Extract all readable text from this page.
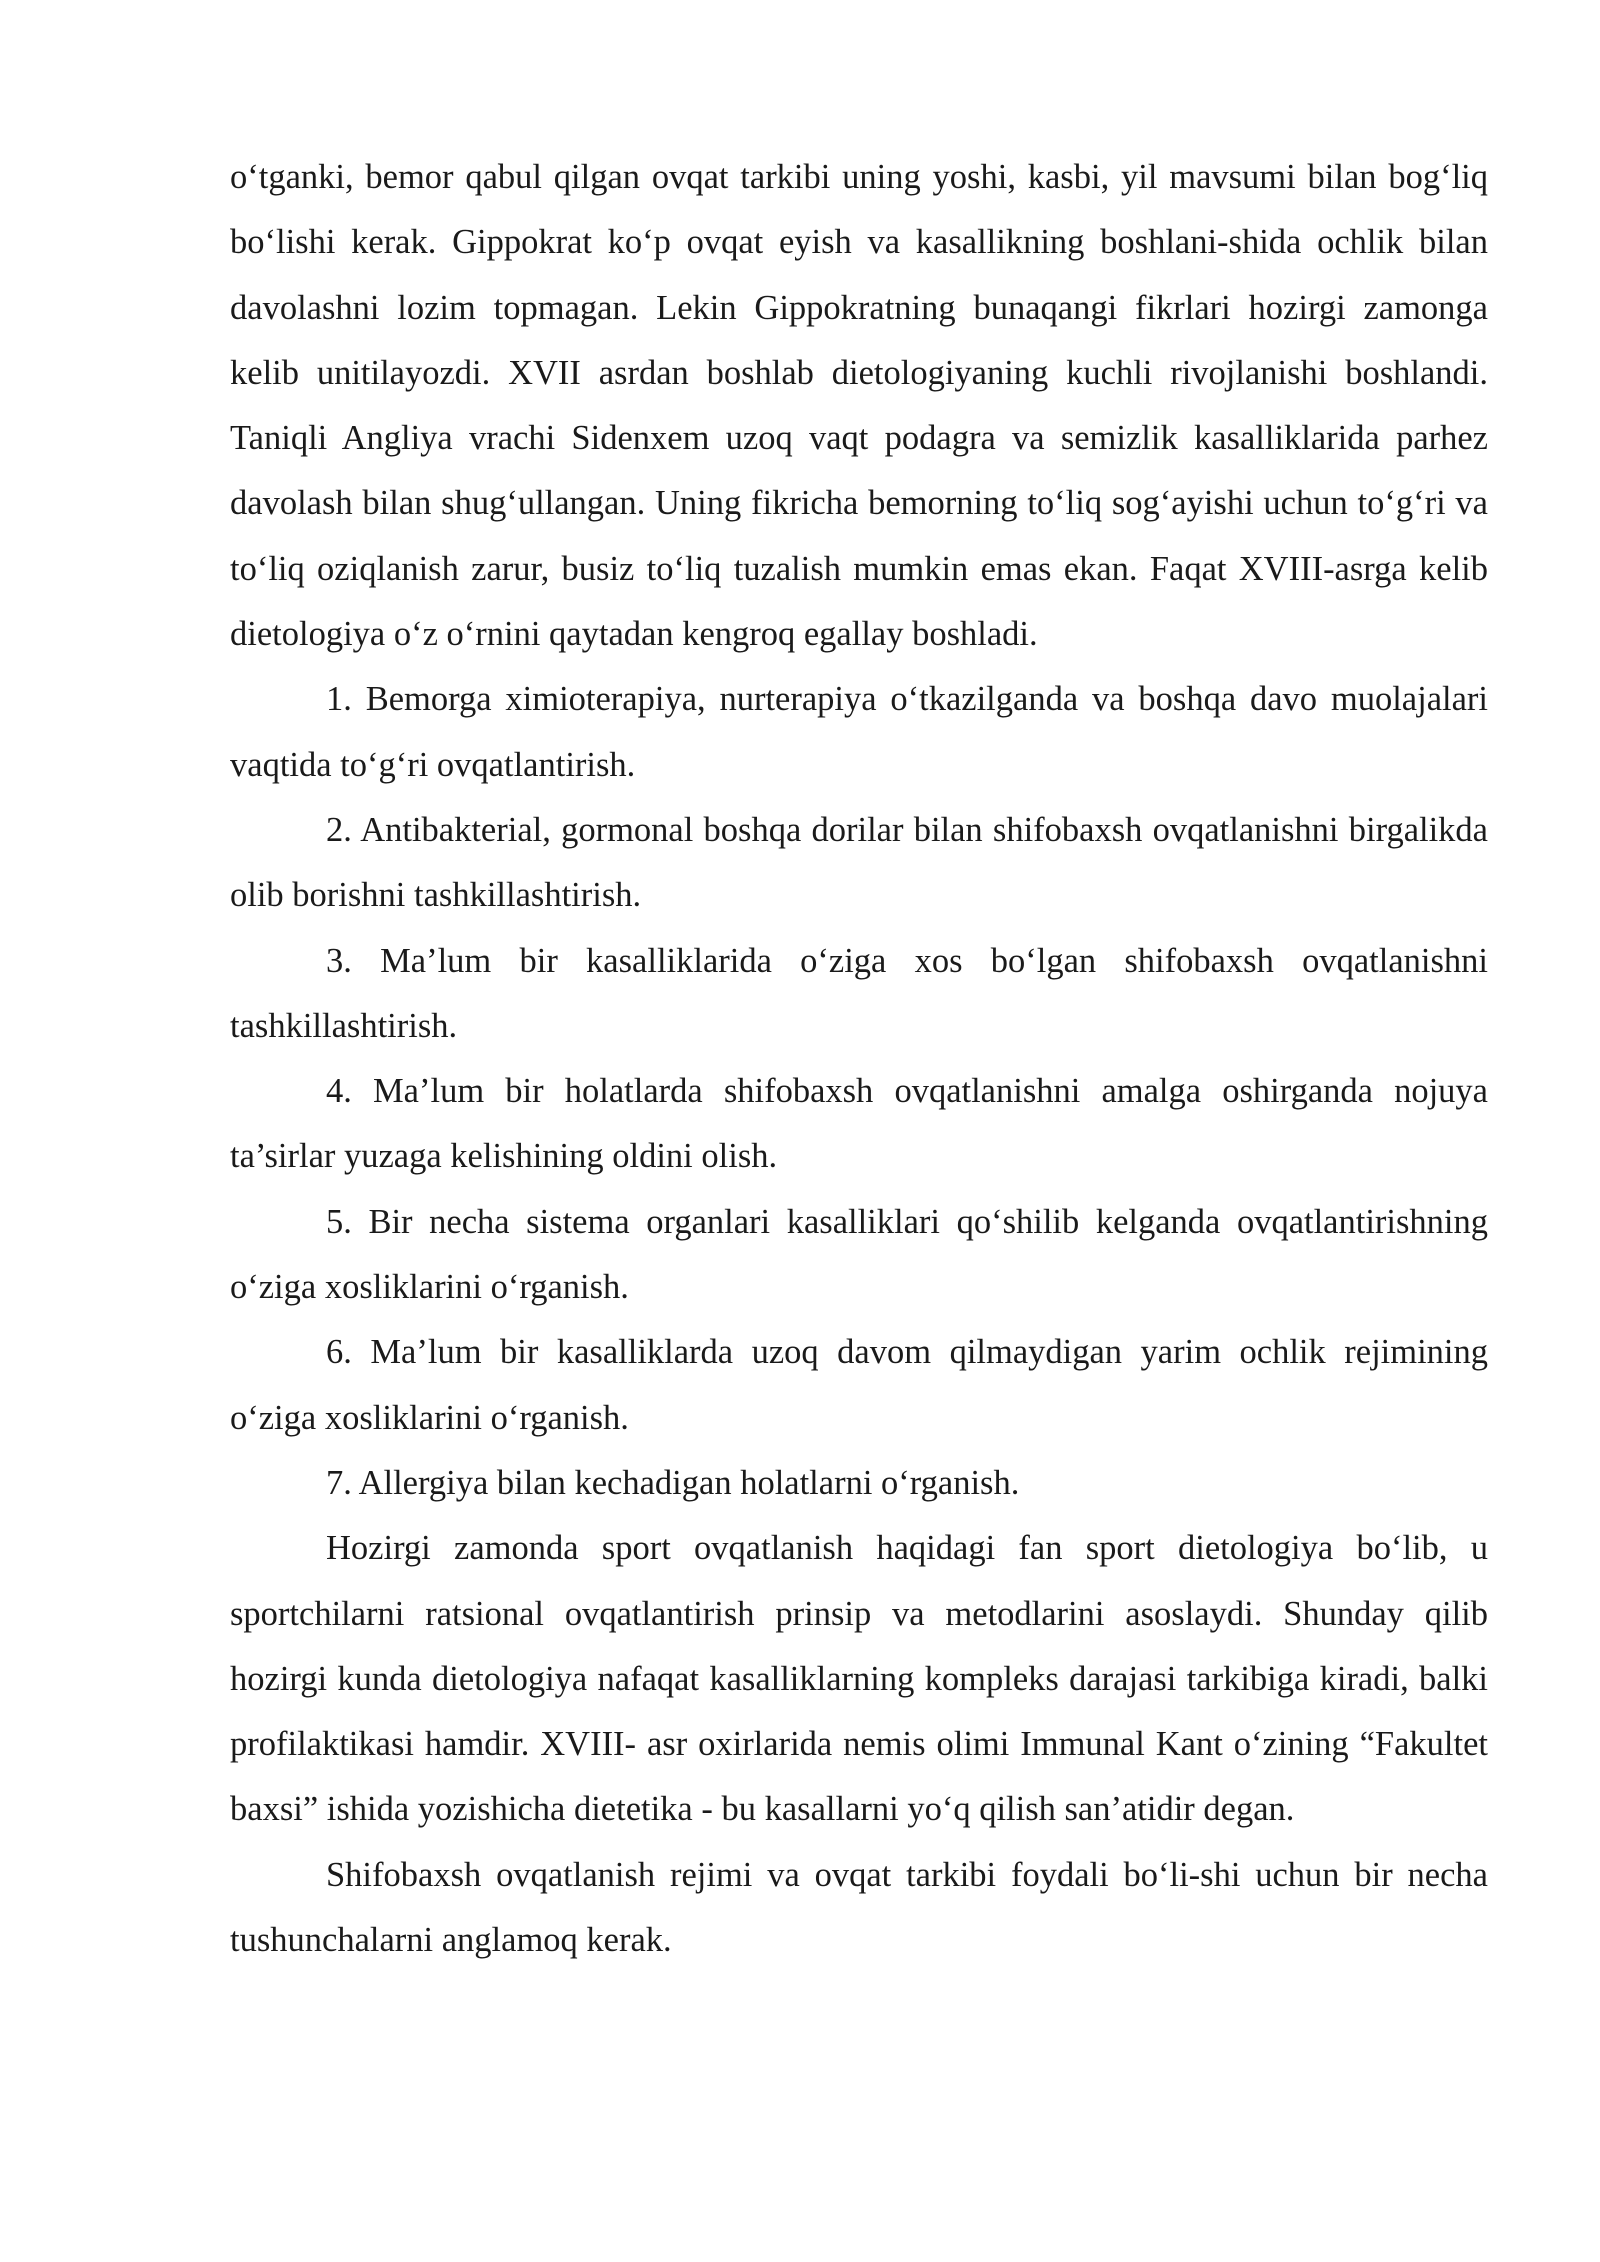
o‘tganki, bemor qabul qilgan ovqat tarkibi uning yoshi, kasbi, yil mavsumi bilan bog‘liq bo‘lishi kerak. Gippokrat ko‘p ovqat eyish va kasallikning boshlani-shida ochlik bilan davolashni lozim topmagan. Lekin Gippokratning bunaqangi fikrlari hozirgi zamonga kelib unitilayozdi. XVII asrdan boshlab dietologiyaning kuchli rivojlanishi boshlandi. Taniqli Angliya vrachi Sidenxem uzoq vaqt podagra va semizlik kasalliklarida parhez davolash bilan shug‘ullangan. Uning fikricha bemorning to‘liq sog‘ayishi uchun to‘g‘ri va to‘liq oziqlanish zarur, busiz to‘liq tuzalish mumkin emas ekan. Faqat XVIII-asrga kelib dietologiya o‘z o‘rnini qaytadan kengroq egallay boshladi.

1. Bemorga ximioterapiya, nurterapiya o‘tkazilganda va boshqa davo muolajalari vaqtida to‘g‘ri ovqatlantirish.

2. Antibakterial, gormonal boshqa dorilar bilan shifobaxsh ovqatlanishni birgalikda olib borishni tashkillashtirish.

3. Ma’lum bir kasalliklarida o‘ziga xos bo‘lgan shifobaxsh ovqatlanishni tashkillashtirish.

4. Ma’lum bir holatlarda shifobaxsh ovqatlanishni amalga oshirganda nojuya ta’sirlar yuzaga kelishining oldini olish.

5. Bir necha sistema organlari kasalliklari qo‘shilib kelganda ovqatlantirishning o‘ziga xosliklarini o‘rganish.

6. Ma’lum bir kasalliklarda uzoq davom qilmaydigan yarim ochlik rejimining o‘ziga xosliklarini o‘rganish.

7. Allergiya bilan kechadigan holatlarni o‘rganish.

Hozirgi zamonda sport ovqatlanish haqidagi fan sport dietologiya bo‘lib, u sportchilarni ratsional ovqatlantirish prinsip va metodlarini asoslaydi. Shunday qilib hozirgi kunda dietologiya nafaqat kasalliklarning kompleks darajasi tarkibiga kiradi, balki profilaktikasi hamdir. XVIII- asr oxirlarida nemis olimi Immunal Kant o‘zining “Fakultet baxsi” ishida yozishicha dietetika - bu kasallarni yo‘q qilish san’atidir degan.

Shifobaxsh ovqatlanish rejimi va ovqat tarkibi foydali bo‘li-shi uchun bir necha tushunchalarni anglamoq kerak.
